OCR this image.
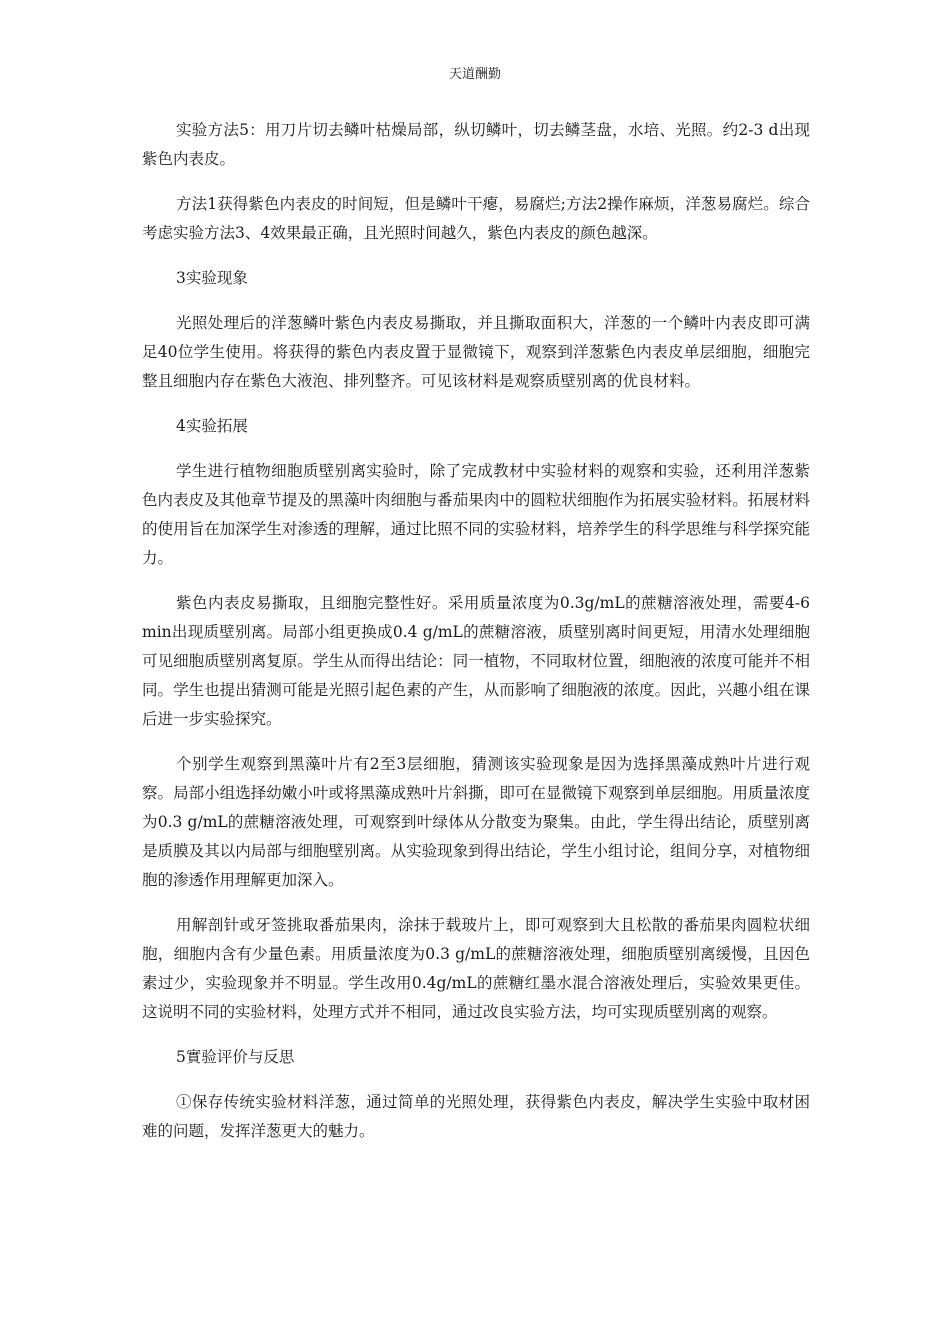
天道酬勤

实验方法5：用刀片切去鳞叶枯燥局部，纵切鳞叶，切去鳞茎盘，水培、光照。约2-3 d出现紫色内表皮。

方法1获得紫色内表皮的时间短，但是鳞叶干瘪，易腐烂;方法2操作麻烦，洋葱易腐烂。综合考虑实验方法3、4效果最正确，且光照时间越久，紫色内表皮的颜色越深。

3实验现象

光照处理后的洋葱鳞叶紫色内表皮易撕取，并且撕取面积大，洋葱的一个鳞叶内表皮即可满足40位学生使用。将获得的紫色内表皮置于显微镜下，观察到洋葱紫色内表皮单层细胞，细胞完整且细胞内存在紫色大液泡、排列整齐。可见该材料是观察质壁别离的优良材料。

4实验拓展

学生进行植物细胞质壁别离实验时，除了完成教材中实验材料的观察和实验，还利用洋葱紫色内表皮及其他章节提及的黑藻叶肉细胞与番茄果肉中的圆粒状细胞作为拓展实验材料。拓展材料的使用旨在加深学生对渗透的理解，通过比照不同的实验材料，培养学生的科学思维与科学探究能力。

紫色内表皮易撕取，且细胞完整性好。采用质量浓度为0.3g/mL的蔗糖溶液处理，需要4-6 min出现质壁别离。局部小组更换成0.4 g/mL的蔗糖溶液，质壁别离时间更短，用清水处理细胞可见细胞质壁别离复原。学生从而得出结论：同一植物，不同取材位置，细胞液的浓度可能并不相同。学生也提出猜测可能是光照引起色素的产生，从而影响了细胞液的浓度。因此，兴趣小组在课后进一步实验探究。

个别学生观察到黑藻叶片有2至3层细胞，猜测该实验现象是因为选择黑藻成熟叶片进行观察。局部小组选择幼嫩小叶或将黑藻成熟叶片斜撕，即可在显微镜下观察到单层细胞。用质量浓度为0.3 g/mL的蔗糖溶液处理，可观察到叶绿体从分散变为聚集。由此，学生得出结论，质壁别离是质膜及其以内局部与细胞壁别离。从实验现象到得出结论，学生小组讨论，组间分享，对植物细胞的渗透作用理解更加深入。

用解剖针或牙签挑取番茄果肉，涂抹于载玻片上，即可观察到大且松散的番茄果肉圆粒状细胞，细胞内含有少量色素。用质量浓度为0.3 g/mL的蔗糖溶液处理，细胞质壁别离缓慢，且因色素过少，实验现象并不明显。学生改用0.4g/mL的蔗糖红墨水混合溶液处理后，实验效果更佳。这说明不同的实验材料，处理方式并不相同，通过改良实验方法，均可实现质壁别离的观察。

5實验评价与反思

①保存传统实验材料洋葱，通过简单的光照处理，获得紫色内表皮，解决学生实验中取材困难的问题，发挥洋葱更大的魅力。
